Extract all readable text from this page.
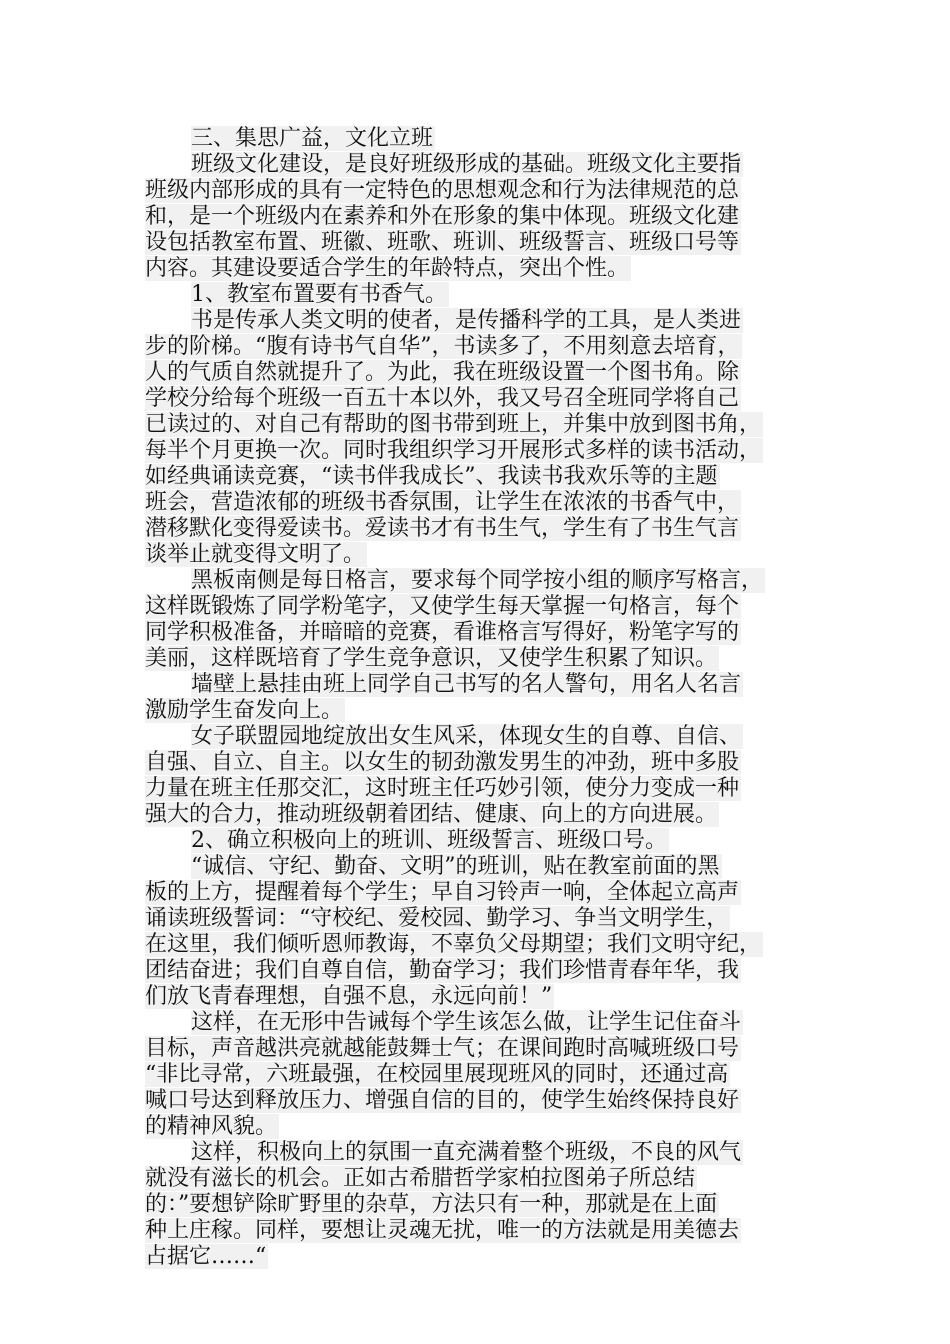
三、集思广益，文化立班
班级文化建设，是良好班级形成的基础。班级文化主要指
班级内部形成的具有一定特色的思想观念和行为法律规范的总
和，是一个班级内在素养和外在形象的集中体现。班级文化建
设包括教室布置、班徽、班歌、班训、班级誓言、班级口号等
内容。其建设要适合学生的年龄特点，突出个性。
1、教室布置要有书香气。
书是传承人类文明的使者，是传播科学的工具，是人类进
步的阶梯。“腹有诗书气自华”，书读多了，不用刻意去培育，
人的气质自然就提升了。为此，我在班级设置一个图书角。除
学校分给每个班级一百五十本以外，我又号召全班同学将自己
已读过的、对自己有帮助的图书带到班上，并集中放到图书角，
每半个月更换一次。同时我组织学习开展形式多样的读书活动，
如经典诵读竞赛，“读书伴我成长”、我读书我欢乐等的主题
班会，营造浓郁的班级书香氛围，让学生在浓浓的书香气中，
潜移默化变得爱读书。爱读书才有书生气，学生有了书生气言
谈举止就变得文明了。
黑板南侧是每日格言，要求每个同学按小组的顺序写格言，
这样既锻炼了同学粉笔字，又使学生每天掌握一句格言，每个
同学积极准备，并暗暗的竞赛，看谁格言写得好，粉笔字写的
美丽，这样既培育了学生竞争意识，又使学生积累了知识。
墙壁上悬挂由班上同学自己书写的名人警句，用名人名言
激励学生奋发向上。
女子联盟园地绽放出女生风采，体现女生的自尊、自信、
自强、自立、自主。以女生的韧劲激发男生的冲劲，班中多股
力量在班主任那交汇，这时班主任巧妙引领，使分力变成一种
强大的合力，推动班级朝着团结、健康、向上的方向进展。
2、确立积极向上的班训、班级誓言、班级口号。
“诚信、守纪、勤奋、文明”的班训，贴在教室前面的黑
板的上方，提醒着每个学生；早自习铃声一响，全体起立高声
诵读班级誓词：“守校纪、爱校园、勤学习、争当文明学生，
在这里，我们倾听恩师教诲，不辜负父母期望；我们文明守纪，
团结奋进；我们自尊自信，勤奋学习；我们珍惜青春年华，我
们放飞青春理想，自强不息，永远向前！”
这样，在无形中告诫每个学生该怎么做，让学生记住奋斗
目标，声音越洪亮就越能鼓舞士气；在课间跑时高喊班级口号
“非比寻常，六班最强，在校园里展现班风的同时，还通过高
喊口号达到释放压力、增强自信的目的，使学生始终保持良好
的精神风貌。
这样，积极向上的氛围一直充满着整个班级，不良的风气
就没有滋长的机会。正如古希腊哲学家柏拉图弟子所总结
的：”要想铲除旷野里的杂草，方法只有一种，那就是在上面
种上庄稼。同样，要想让灵魂无扰，唯一的方法就是用美德去
占据它……“
